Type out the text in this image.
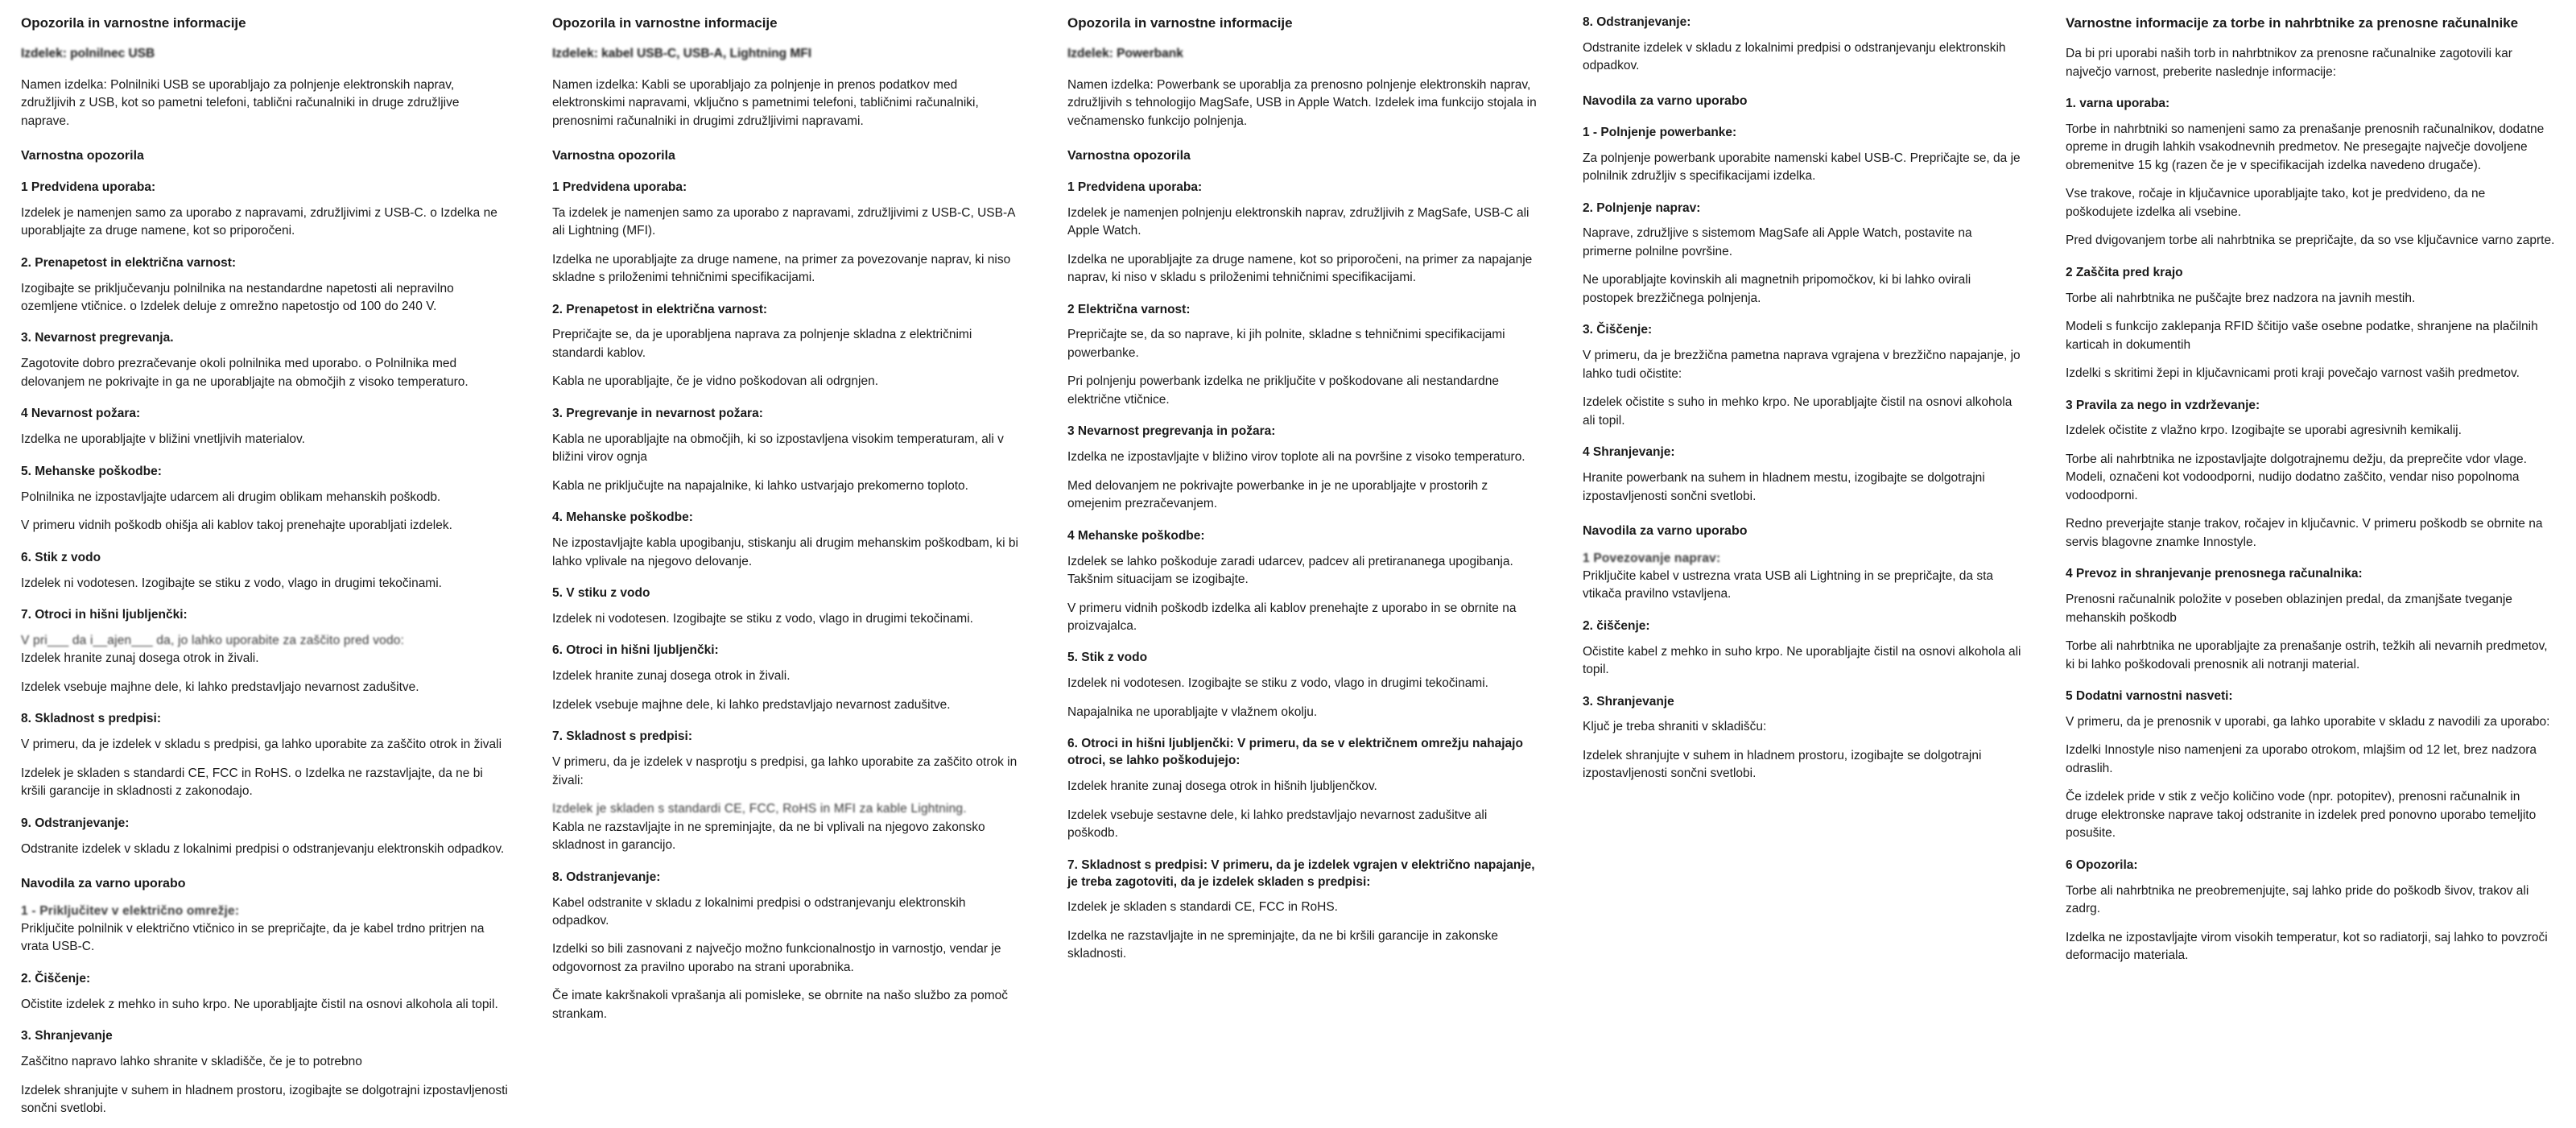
Opozorila in varnostne informacije

Izdelek: polnilnec USB

Namen izdelka: Polnilniki USB se uporabljajo za polnjenje elektronskih naprav, združljivih z USB, kot so pametni telefoni, tablični računalniki in druge združljive naprave.

Varnostna opozorila
1 Predvidena uporaba:

Izdelek je namenjen samo za uporabo z napravami, združljivimi z USB-C. o Izdelka ne uporabljajte za druge namene, kot so priporočeni.

2. Prenapetost in električna varnost:

Izogibajte se priključevanju polnilnika na nestandardne napetosti ali nepravilno ozemljene vtičnice. o Izdelek deluje z omrežno napetostjo od 100 do 240 V.

3. Nevarnost pregrevanja.

Zagotovite dobro prezračevanje okoli polnilnika med uporabo. o Polnilnika med delovanjem ne pokrivajte in ga ne uporabljajte na območjih z visoko temperaturo.

4 Nevarnost požara:

Izdelka ne uporabljajte v bližini vnetljivih materialov.

5. Mehanske poškodbe:

Polnilnika ne izpostavljajte udarcem ali drugim oblikam mehanskih poškodb.

V primeru vidnih poškodb ohišja ali kablov takoj prenehajte uporabljati izdelek.

6. Stik z vodo

Izdelek ni vodotesen. Izogibajte se stiku z vodo, vlago in drugimi tekočinami.

7. Otroci in hišni ljubljenčki:

V pri___ da i__ajen___ da, jo lahko uporabite za zaščito pred vodo:

Izdelek hranite zunaj dosega otrok in živali.

Izdelek vsebuje majhne dele, ki lahko predstavljajo nevarnost zadušitve.

8. Skladnost s predpisi:

V primeru, da je izdelek v skladu s predpisi, ga lahko uporabite za zaščito otrok in živali

Izdelek je skladen s standardi CE, FCC in RoHS. o Izdelka ne razstavljajte, da ne bi kršili garancije in skladnosti z zakonodajo.

9. Odstranjevanje:

Odstranite izdelek v skladu z lokalnimi predpisi o odstranjevanju elektronskih odpadkov.

Navodila za varno uporabo
1 - Priključitev v električno omrežje:

Priključite polnilnik v električno vtičnico in se prepričajte, da je kabel trdno pritrjen na vrata USB-C.

2. Čiščenje:

Očistite izdelek z mehko in suho krpo. Ne uporabljajte čistil na osnovi alkohola ali topil.

3. Shranjevanje

Zaščitno napravo lahko shranite v skladišče, če je to potrebno

Izdelek shranjujte v suhem in hladnem prostoru, izogibajte se dolgotrajni izpostavljenosti sončni svetlobi.

Opozorila in varnostne informacije

Izdelek: kabel USB-C, USB-A, Lightning MFI

Namen izdelka: Kabli se uporabljajo za polnjenje in prenos podatkov med elektronskimi napravami, vključno s pametnimi telefoni, tabličnimi računalniki, prenosnimi računalniki in drugimi združljivimi napravami.

Varnostna opozorila
1 Predvidena uporaba:

Ta izdelek je namenjen samo za uporabo z napravami, združljivimi z USB-C, USB-A ali Lightning (MFI).

Izdelka ne uporabljajte za druge namene, na primer za povezovanje naprav, ki niso skladne s priloženimi tehničnimi specifikacijami.

2. Prenapetost in električna varnost:

Prepričajte se, da je uporabljena naprava za polnjenje skladna z električnimi standardi kablov.

Kabla ne uporabljajte, če je vidno poškodovan ali odrgnjen.

3. Pregrevanje in nevarnost požara:

Kabla ne uporabljajte na območjih, ki so izpostavljena visokim temperaturam, ali v bližini virov ognja

Kabla ne priključujte na napajalnike, ki lahko ustvarjajo prekomerno toploto.

4. Mehanske poškodbe:

Ne izpostavljajte kabla upogibanju, stiskanju ali drugim mehanskim poškodbam, ki bi lahko vplivale na njegovo delovanje.

5. V stiku z vodo

Izdelek ni vodotesen. Izogibajte se stiku z vodo, vlago in drugimi tekočinami.

6. Otroci in hišni ljubljenčki:

Izdelek hranite zunaj dosega otrok in živali.

Izdelek vsebuje majhne dele, ki lahko predstavljajo nevarnost zadušitve.

7. Skladnost s predpisi:

V primeru, da je izdelek v nasprotju s predpisi, ga lahko uporabite za zaščito otrok in živali:

Izdelek je skladen s standardi CE, FCC, RoHS in MFI za kable Lightning.

Kabla ne razstavljajte in ne spreminjajte, da ne bi vplivali na njegovo zakonsko skladnost in garancijo.

8. Odstranjevanje:

Kabel odstranite v skladu z lokalnimi predpisi o odstranjevanju elektronskih odpadkov.

Izdelki so bili zasnovani z največjo možno funkcionalnostjo in varnostjo, vendar je odgovornost za pravilno uporabo na strani uporabnika.

Če imate kakršnakoli vprašanja ali pomislekе, se obrnite na našo službo za pomoč strankam.

Opozorila in varnostne informacije

Izdelek: Powerbank

Namen izdelka: Powerbank se uporablja za prenosno polnjenje elektronskih naprav, združljivih s tehnologijo MagSafe, USB in Apple Watch. Izdelek ima funkcijo stojala in večnamensko funkcijo polnjenja.

Varnostna opozorila
1 Predvidena uporaba:

Izdelek je namenjen polnjenju elektronskih naprav, združljivih z MagSafe, USB-C ali Apple Watch.

Izdelka ne uporabljajte za druge namene, kot so priporočeni, na primer za napajanje naprav, ki niso v skladu s priloženimi tehničnimi specifikacijami.

2 Električna varnost:

Prepričajte se, da so naprave, ki jih polnite, skladne s tehničnimi specifikacijami powerbanke.

Pri polnjenju powerbank izdelka ne priključite v poškodovane ali nestandardne električne vtičnice.

3 Nevarnost pregrevanja in požara:

Izdelka ne izpostavljajte v bližino virov toplote ali na površine z visoko temperaturo.

Med delovanjem ne pokrivajte powerbanke in je ne uporabljajte v prostorih z omejenim prezračevanjem.

4 Mehanske poškodbe:

Izdelek se lahko poškoduje zaradi udarcev, padcev ali pretirananega upogibanja. Takšnim situacijam se izogibajte.

V primeru vidnih poškodb izdelka ali kablov prenehajte z uporabo in se obrnite na proizvajalca.

5. Stik z vodo

Izdelek ni vodotesen. Izogibajte se stiku z vodo, vlago in drugimi tekočinami.

Napajalnika ne uporabljajte v vlažnem okolju.

6. Otroci in hišni ljubljenčki: V primeru, da se v električnem omrežju nahajajo otroci, se lahko poškodujejo:

Izdelek hranite zunaj dosega otrok in hišnih ljubljenčkov.

Izdelek vsebuje sestavne dele, ki lahko predstavljajo nevarnost zadušitve ali poškodb.

7. Skladnost s predpisi: V primeru, da je izdelek vgrajen v električno napajanje, je treba zagotoviti, da je izdelek skladen s predpisi:

Izdelek je skladen s standardi CE, FCC in RoHS.

Izdelka ne razstavljajte in ne spreminjajte, da ne bi kršili garancije in zakonske skladnosti.

8. Odstranjevanje:

Odstranite izdelek v skladu z lokalnimi predpisi o odstranjevanju elektronskih odpadkov.

Navodila za varno uporabo
1 - Polnjenje powerbanke:

Za polnjenje powerbank uporabite namenski kabel USB-C. Prepričajte se, da je polnilnik združljiv s specifikacijami izdelka.

2. Polnjenje naprav:

Naprave, združljive s sistemom MagSafe ali Apple Watch, postavite na primerne polnilne površine.

Ne uporabljajte kovinskih ali magnetnih pripomočkov, ki bi lahko ovirali postopek brezžičnega polnjenja.

3. Čiščenje:

V primeru, da je brezžična pametna naprava vgrajena v brezžično napajanje, jo lahko tudi očistite:

Izdelek očistite s suho in mehko krpo. Ne uporabljajte čistil na osnovi alkohola ali topil.

4 Shranjevanje:

Hranite powerbank na suhem in hladnem mestu, izogibajte se dolgotrajni izpostavljenosti sončni svetlobi.

Navodila za varno uporabo
1 Povezovanje naprav:

Priključite kabel v ustrezna vrata USB ali Lightning in se prepričajte, da sta vtikača pravilno vstavljena.

2. čiščenje:

Očistite kabel z mehko in suho krpo. Ne uporabljajte čistil na osnovi alkohola ali topil.

3. Shranjevanje

Ključ je treba shraniti v skladišču:

Izdelek shranjujte v suhem in hladnem prostoru, izogibajte se dolgotrajni izpostavljenosti sončni svetlobi.

Varnostne informacije za torbe in nahrbtnike za prenosne računalnike

Da bi pri uporabi naših torb in nahrbtnikov za prenosne računalnike zagotovili kar največjo varnost, preberite naslednje informacije:

1. varna uporaba:

Torbe in nahrbtniki so namenjeni samo za prenašanje prenosnih računalnikov, dodatne opreme in drugih lahkih vsakodnevnih predmetov. Ne presegajte največje dovoljene obremenitve 15 kg (razen če je v specifikacijah izdelka navedeno drugače).

Vse trakove, ročaje in ključavnice uporabljajte tako, kot je predvideno, da ne poškodujete izdelka ali vsebine.

Pred dvigovanjem torbe ali nahrbtnika se prepričajte, da so vse ključavnice varno zaprte.

2 Zaščita pred krajo

Torbe ali nahrbtnika ne puščajte brez nadzora na javnih mestih.

Modeli s funkcijo zaklepanja RFID ščitijo vaše osebne podatke, shranjene na plačilnih karticah in dokumentih

Izdelki s skritimi žepi in ključavnicami proti kraji povečajo varnost vaših predmetov.

3 Pravila za nego in vzdrževanje:

Izdelek očistite z vlažno krpo. Izogibajte se uporabi agresivnih kemikalij.

Torbe ali nahrbtnika ne izpostavljajte dolgotrajnemu dežju, da preprečite vdor vlage. Modeli, označeni kot vodoodporni, nudijo dodatno zaščito, vendar niso popolnoma vodoodporni.

Redno preverjajte stanje trakov, ročajev in ključavnic. V primeru poškodb se obrnite na servis blagovne znamke Innostyle.

4 Prevoz in shranjevanje prenosnega računalnika:

Prenosni računalnik položite v poseben oblazinjen predal, da zmanjšate tveganje mehanskih poškodb

Torbe ali nahrbtnika ne uporabljajte za prenašanje ostrih, težkih ali nevarnih predmetov, ki bi lahko poškodovali prenosnik ali notranji material.

5 Dodatni varnostni nasveti:

V primeru, da je prenosnik v uporabi, ga lahko uporabite v skladu z navodili za uporabo:

Izdelki Innostyle niso namenjeni za uporabo otrokom, mlajšim od 12 let, brez nadzora odraslih.

Če izdelek pride v stik z večjo količino vode (npr. potopitev), prenosni računalnik in druge elektronske naprave takoj odstranite in izdelek pred ponovno uporabo temeljito posušite.

6 Opozorila:

Torbe ali nahrbtnika ne preobremenjujte, saj lahko pride do poškodb šivov, trakov ali zadrg.

Izdelka ne izpostavljajte virom visokih temperatur, kot so radiatorji, saj lahko to povzroči deformacijo materiala.
